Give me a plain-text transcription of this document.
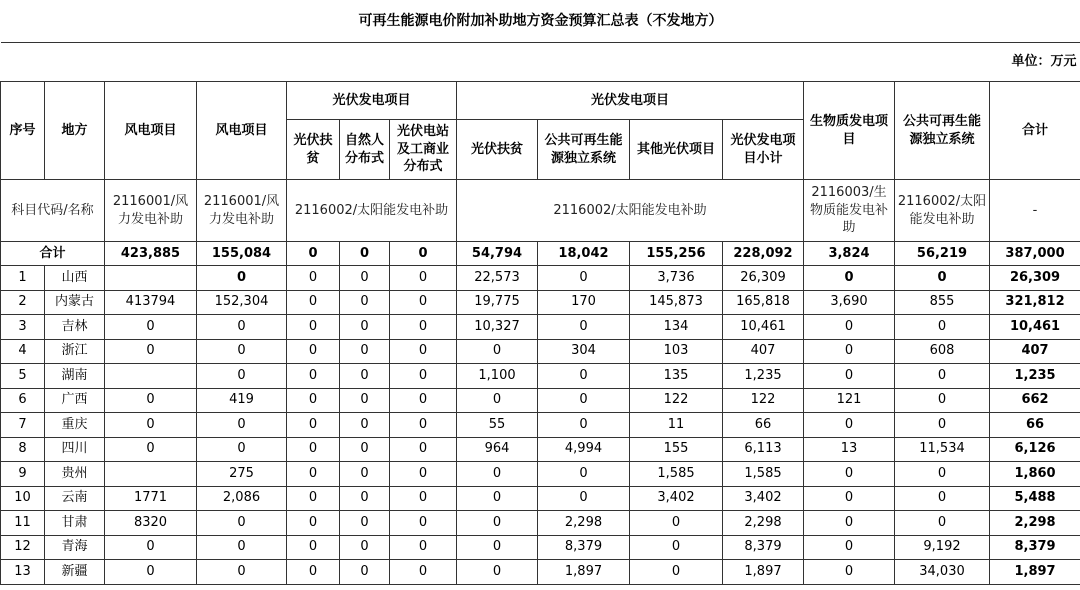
可再生能源电价附加补助地方资金预算汇总表（不发地方）													
单位：万元													
序号	地方	风电项目	风电项目	光伏发电项目			光伏发电项目				生物质发电项目	公共可再生能源独立系统	合计
				光伏扶贫	自然人分布式	光伏电站及工商业分布式	光伏扶贫	公共可再生能源独立系统	其他光伏项目	光伏发电项目小计			
科目代码/名称		2116001/风力发电补助	2116001/风力发电补助	2116002/太阳能发电补助			2116002/太阳能发电补助				2116003/生物质能发电补助	2116002/太阳能发电补助	-
合计		423,885	155,084	0	0	0	54,794	18,042	155,256	228,092	3,824	56,219	387,000
1	山西		0	0	0	0	22,573	0	3,736	26,309	0	0	26,309
2	内蒙古	413794	152,304	0	0	0	19,775	170	145,873	165,818	3,690	855	321,812
3	吉林	0	0	0	0	0	10,327	0	134	10,461	0	0	10,461
4	浙江	0	0	0	0	0	0	304	103	407	0	608	407
5	湖南		0	0	0	0	1,100	0	135	1,235	0	0	1,235
6	广西	0	419	0	0	0	0	0	122	122	121	0	662
7	重庆	0	0	0	0	0	55	0	11	66	0	0	66
8	四川	0	0	0	0	0	964	4,994	155	6,113	13	11,534	6,126
9	贵州		275	0	0	0	0	0	1,585	1,585	0	0	1,860
10	云南	1771	2,086	0	0	0	0	0	3,402	3,402	0	0	5,488
11	甘肃	8320	0	0	0	0	0	2,298	0	2,298	0	0	2,298
12	青海	0	0	0	0	0	0	8,379	0	8,379	0	9,192	8,379
13	新疆	0	0	0	0	0	0	1,897	0	1,897	0	34,030	1,897
